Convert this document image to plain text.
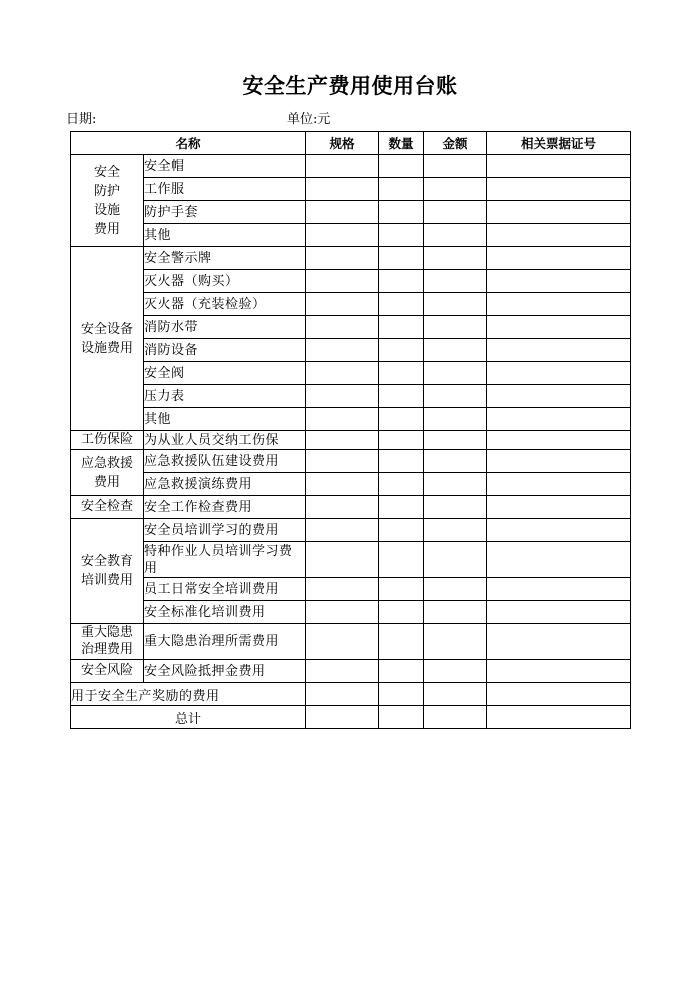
安全生产费用使用台账
日期:	单位:元
名称		规格	数量	金额	相关票据证号
安全防护设施费用	安全帽				
	工作服				
	防护手套				
	其他				
安全设备设施费用	安全警示牌				
	灭火器（购买）				
	灭火器（充装检验）				
	消防水带				
	消防设备				
	安全阀				
	压力表				
	其他				
工伤保险	为从业人员交纳工伤保				
应急救援费用	应急救援队伍建设费用				
	应急救援演练费用				
安全检查	安全工作检查费用				
安全教育培训费用	安全员培训学习的费用				
	特种作业人员培训学习费用				
	员工日常安全培训费用				
	安全标准化培训费用				
重大隐患治理费用	重大隐患治理所需费用				
安全风险	安全风险抵押金费用				
用于安全生产奖励的费用					
总计					
